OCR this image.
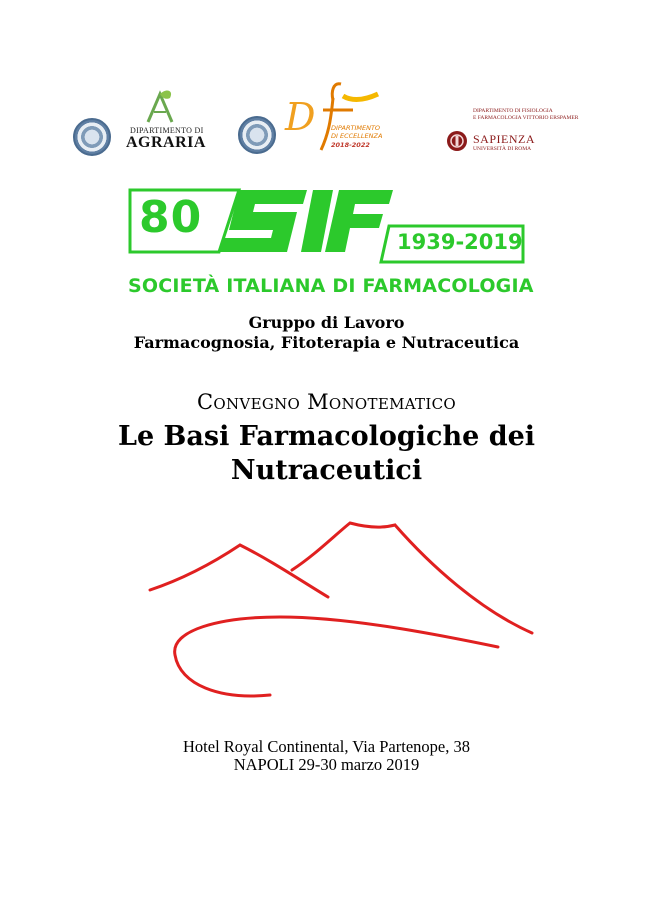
DIPARTIMENTO DI
AGRARIA
D DIPARTIMENTO
DI ECCELLENZA
2018-2022
DIPARTIMENTO DI FISIOLOGIA
E FARMACOLOGIA VITTORIO ERSPAMER
SAPIENZA
UNIVERSITÀ DI ROMA
80	1939-2019
SOCIETÀ ITALIANA DI FARMACOLOGIA
Gruppo di Lavoro
Farmacognosia, Fitoterapia e Nutraceutica
Convegno Monotematico
Le Basi Farmacologiche dei
Nutraceutici
Hotel Royal Continental, Via Partenope, 38
NAPOLI 29-30 marzo 2019
